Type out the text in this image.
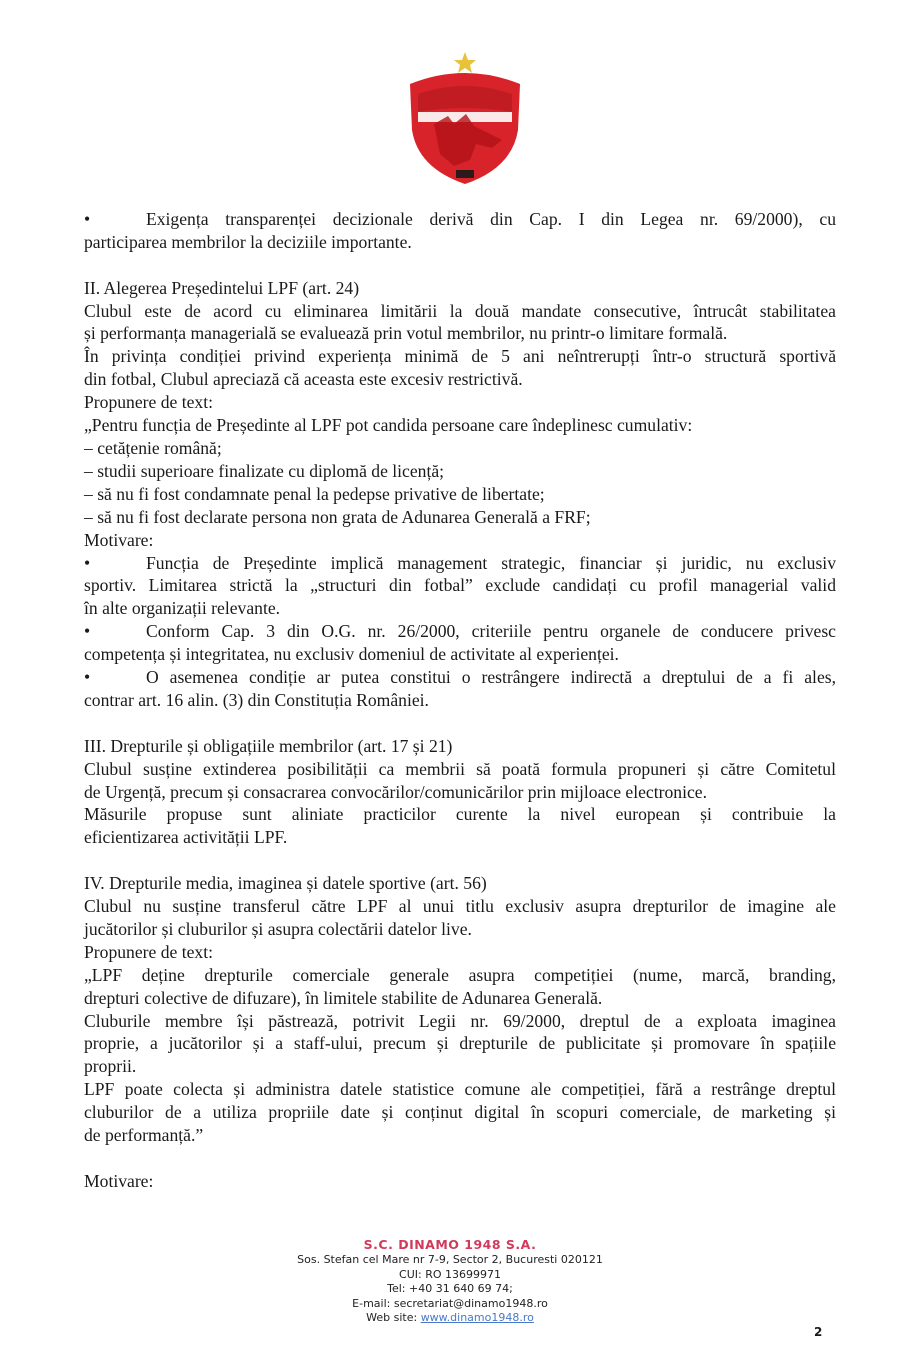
•	Exigența transparenței decizionale derivă din Cap. I din Legea nr. 69/2000), cu
participarea membrilor la deciziile importante.
II. Alegerea Președintelui LPF (art. 24)
Clubul este de acord cu eliminarea limitării la două mandate consecutive, întrucât stabilitatea
și performanța managerială se evaluează prin votul membrilor, nu printr-o limitare formală.
În privința condiției privind experiența minimă de 5 ani neîntrerupți într-o structură sportivă
din fotbal, Clubul apreciază că aceasta este excesiv restrictivă.
Propunere de text:
„Pentru funcția de Președinte al LPF pot candida persoane care îndeplinesc cumulativ:
– cetățenie română;
– studii superioare finalizate cu diplomă de licență;
– să nu fi fost condamnate penal la pedepse privative de libertate;
– să nu fi fost declarate persona non grata de Adunarea Generală a FRF;
Motivare:
•	Funcția de Președinte implică management strategic, financiar și juridic, nu exclusiv
sportiv. Limitarea strictă la „structuri din fotbal” exclude candidați cu profil managerial valid
în alte organizații relevante.
•	Conform Cap. 3 din O.G. nr. 26/2000, criteriile pentru organele de conducere privesc
competența și integritatea, nu exclusiv domeniul de activitate al experienței.
•	O asemenea condiție ar putea constitui o restrângere indirectă a dreptului de a fi ales,
contrar art. 16 alin. (3) din Constituția României.
III. Drepturile și obligațiile membrilor (art. 17 și 21)
Clubul susține extinderea posibilității ca membrii să poată formula propuneri și către Comitetul
de Urgență, precum și consacrarea convocărilor/comunicărilor prin mijloace electronice.
Măsurile propuse sunt aliniate practicilor curente la nivel european și contribuie la
eficientizarea activității LPF.
IV. Drepturile media, imaginea și datele sportive (art. 56)
Clubul nu susține transferul către LPF al unui titlu exclusiv asupra drepturilor de imagine ale
jucătorilor și cluburilor și asupra colectării datelor live.
Propunere de text:
„LPF deține drepturile comerciale generale asupra competiției (nume, marcă, branding,
drepturi colective de difuzare), în limitele stabilite de Adunarea Generală.
Cluburile membre își păstrează, potrivit Legii nr. 69/2000, dreptul de a exploata imaginea
proprie, a jucătorilor și a staff-ului, precum și drepturile de publicitate și promovare în spațiile
proprii.
LPF poate colecta și administra datele statistice comune ale competiției, fără a restrânge dreptul
cluburilor de a utiliza propriile date și conținut digital în scopuri comerciale, de marketing și
de performanță.”
Motivare:
S.C. DINAMO 1948 S.A.
Sos. Stefan cel Mare nr 7-9, Sector 2, Bucuresti 020121
CUI: RO 13699971
Tel: +40 31 640 69 74;
E-mail: secretariat@dinamo1948.ro
Web site: www.dinamo1948.ro
2
